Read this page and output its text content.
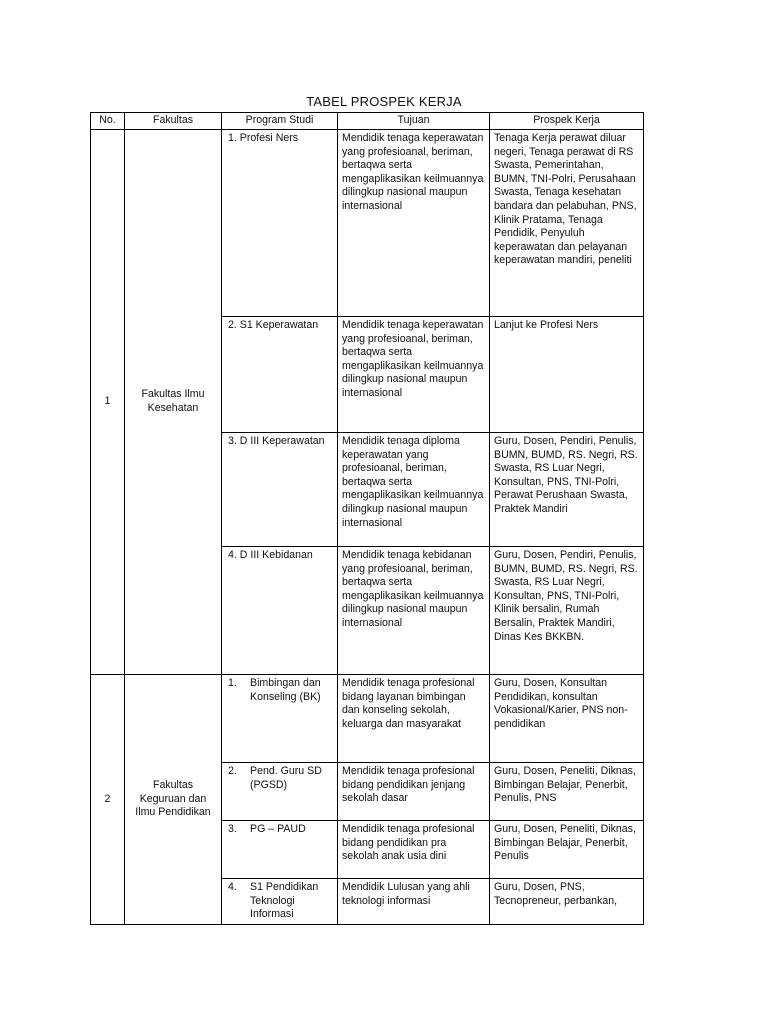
TABEL PROSPEK KERJA
No.	Fakultas	Program Studi	Tujuan	Prospek Kerja
1	Fakultas Ilmu Kesehatan	1. Profesi Ners	Mendidik tenaga keperawatan yang profesioanal, beriman, bertaqwa serta mengaplikasikan keilmuannya dilingkup nasional maupun internasional	Tenaga Kerja perawat diluar negeri, Tenaga perawat di RS Swasta, Pemerintahan, BUMN, TNI-Polri, Perusahaan Swasta, Tenaga kesehatan bandara dan pelabuhan, PNS, Klinik Pratama, Tenaga Pendidik, Penyuluh keperawatan dan pelayanan keperawatan mandiri, peneliti
		2. S1 Keperawatan	Mendidik tenaga keperawatan yang profesioanal, beriman, bertaqwa serta mengaplikasikan keilmuannya dilingkup nasional maupun internasional	Lanjut ke Profesi Ners
		3. D III Keperawatan	Mendidik tenaga diploma keperawatan yang profesioanal, beriman, bertaqwa serta mengaplikasikan keilmuannya dilingkup nasional maupun internasional	Guru, Dosen, Pendiri, Penulis, BUMN, BUMD, RS. Negri, RS. Swasta, RS Luar Negri, Konsultan, PNS, TNI-Polri, Perawat Perushaan Swasta, Praktek Mandiri
		4. D III Kebidanan	Mendidik tenaga kebidanan yang profesioanal, beriman, bertaqwa serta mengaplikasikan keilmuannya dilingkup nasional maupun internasional	Guru, Dosen, Pendiri, Penulis, BUMN, BUMD, RS. Negri, RS. Swasta, RS Luar Negri, Konsultan, PNS, TNI-Polri, Klinik bersalin, Rumah Bersalin, Praktek Mandiri, Dinas Kes BKKBN.
2	Fakultas Keguruan dan Ilmu Pendidikan	1. Bimbingan dan Konseling (BK)	Mendidik tenaga profesional bidang layanan bimbingan dan konseling sekolah, keluarga dan masyarakat	Guru, Dosen, Konsultan Pendidikan, konsultan Vokasional/Karier, PNS non-pendidikan
		2. Pend. Guru SD (PGSD)	Mendidik tenaga profesional bidang pendidikan jenjang sekolah dasar	Guru, Dosen, Peneliti, Diknas, Bimbingan Belajar, Penerbit, Penulis, PNS
		3. PG – PAUD	Mendidik tenaga profesional bidang pendidikan pra sekolah anak usia dini	Guru, Dosen, Peneliti, Diknas, Bimbingan Belajar, Penerbit, Penulis
		4. S1 Pendidikan Teknologi Informasi	Mendidik Lulusan yang ahli teknologi informasi	Guru, Dosen, PNS, Tecnopreneur, perbankan,
